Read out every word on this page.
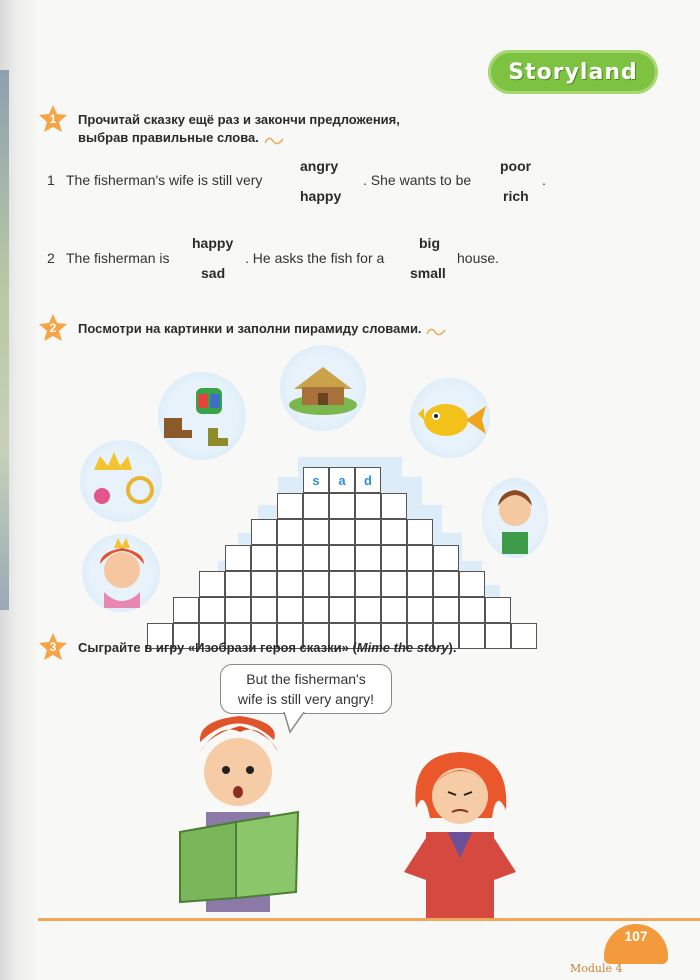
Storyland
1 Прочитай сказку ещё раз и закончи предложения,
выбрав правильные слова.
1 The fisherman's wife is still very
angry
happy
. She wants to be
poor
rich
.
2 The fisherman is
happy
sad
. He asks the fish for a
big
small
house.
2 Посмотри на картинки и заполни пирамиду словами.
s a d
3 Сыграйте в игру «Изобрази героя сказки» (Mime the story).
But the fisherman's
wife is still very angry!
107
Module 4
